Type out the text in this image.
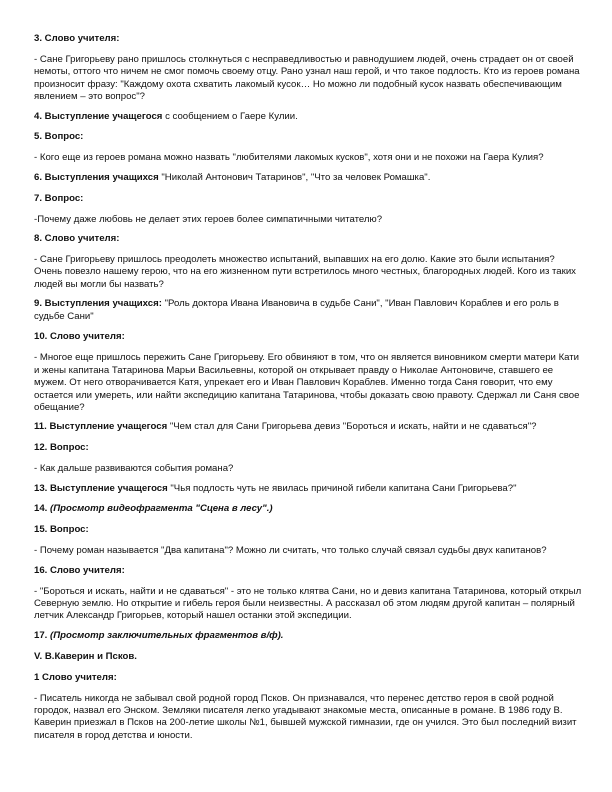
3. Слово учителя:
- Сане Григорьеву рано пришлось столкнуться с несправедливостью и равнодушием людей, очень страдает он от своей немоты, оттого что ничем не смог помочь своему отцу. Рано узнал наш герой, и что такое подлость. Кто из героев романа произносит фразу: "Каждому охота схватить лакомый кусок… Но можно ли подобный кусок назвать обеспечивающим явлением – это вопрос"?
4. Выступление учащегося с сообщением о Гаере Кулии.
5. Вопрос:
- Кого еще из героев романа можно назвать "любителями лакомых кусков", хотя они и не похожи на Гаера Кулия?
6. Выступления учащихся "Николай Антонович Татаринов", "Что за человек Ромашка".
7. Вопрос:
-Почему даже любовь не делает этих героев более симпатичными читателю?
8. Слово учителя:
- Сане Григорьеву пришлось преодолеть множество испытаний, выпавших на его долю. Какие это были испытания? Очень повезло нашему герою, что на его жизненном пути встретилось много честных, благородных людей. Кого из таких людей вы могли бы назвать?
9. Выступления учащихся: "Роль доктора Ивана Ивановича в судьбе Сани", "Иван Павлович Кораблев и его роль в судьбе Сани"
10. Слово учителя:
- Многое еще пришлось пережить Сане Григорьеву. Его обвиняют в том, что он является виновником смерти матери Кати и жены капитана Татаринова Марьи Васильевны, которой он открывает правду о Николае Антоновиче, ставшего ее мужем. От него отворачивается Катя, упрекает его и Иван Павлович Кораблев. Именно тогда Саня говорит, что ему остается или умереть, или найти экспедицию капитана Татаринова, чтобы доказать свою правоту. Сдержал ли Саня свое обещание?
11. Выступление учащегося "Чем стал для Сани Григорьева девиз "Бороться и искать, найти и не сдаваться"?
12. Вопрос:
- Как дальше развиваются события романа?
13. Выступление учащегося "Чья подлость чуть не явилась причиной гибели капитана Сани Григорьева?"
14. (Просмотр видеофрагмента "Сцена в лесу".)
15. Вопрос:
- Почему роман называется "Два капитана"? Можно ли считать, что только случай связал судьбы двух капитанов?
16. Слово учителя:
- "Бороться и искать, найти и не сдаваться" - это не только клятва Сани, но и девиз капитана Татаринова, который открыл Северную землю. Но открытие и гибель героя были неизвестны. А рассказал об этом людям другой капитан – полярный летчик Александр Григорьев, который нашел останки этой экспедиции.
17. (Просмотр заключительных фрагментов в/ф).
V. В.Каверин и Псков.
1 Слово учителя:
- Писатель никогда не забывал свой родной город Псков. Он признавался, что перенес детство героя в свой родной городок, назвал его Энском. Земляки писателя легко угадывают знакомые места, описанные в романе. В 1986 году В. Каверин приезжал в Псков на 200-летие школы №1, бывшей мужской гимназии, где он учился. Это был последний визит писателя в город детства и юности.
